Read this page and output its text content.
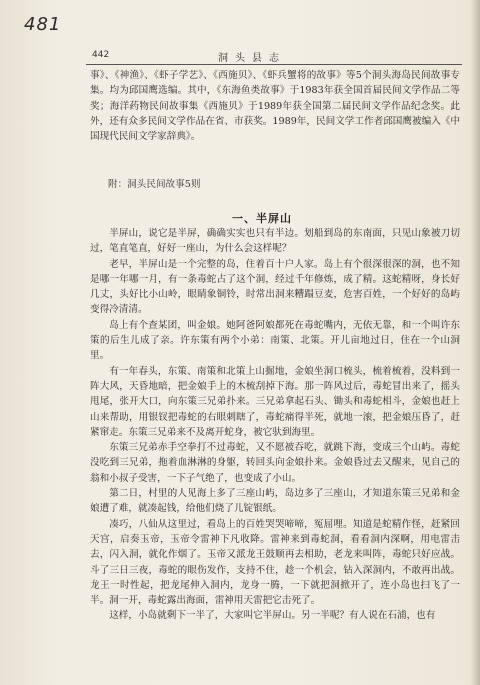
481
442	洞头县志

事》、《神渔》、《虾子学艺》、《西施贝》、《虾兵蟹将的故事》等5个洞头海岛民间故事专集。均为邱国鹰选编。其中，《东海鱼类故事》于1983年获全国首届民间文学作品二等奖；海洋药物民间故事集《西施贝》于1989年获全国第二届民间文学作品纪念奖。此外，还有众多民间文学作品在省、市获奖。1989年，民间文学工作者邱国鹰被编入《中国现代民间文学家辞典》。

附：洞头民间故事5则
一、半屏山

半屏山，说它是半屏，确确实实也只有半边。划船到岛的东南面，只见山象被刀切过，笔直笔直，好好一座山，为什么会这样呢？

老早，半屏山是一个完整的岛，住着百十户人家。岛上有个很深很深的洞，也不知是哪一年哪一月，有一条毒蛇占了这个洞，经过千年修炼，成了精。这蛇精呀，身长好几丈，头好比小山岭，眼睛象铜铃，时常出洞来糟蹋豆麦，危害百姓，一个好好的岛屿变得冷清清。

岛上有个查某团，叫金娘。她阿爸阿娘都死在毒蛇嘴内，无依无靠，和一个叫许东策的后生儿成了亲。许东策有两个小弟：南策、北策。开儿亩地过日，住在一个山洞里。

有一年春头，东策、南策和北策上山掘地，金娘坐洞口梳头，梳着梳着，没料到一阵大风，天昏地暗，把金娘手上的木梳刮掉下海。那一阵风过后，毒蛇冒出来了，摇头甩尾，张开大口，向东策三兄弟扑来。三兄弟拿起石头、锄头和毒蛇相斗，金娘也赶上山来帮助，用银钗把毒蛇的右眼刺瞎了，毒蛇痛得半死，就地一滚，把金娘压昏了，赶紧窜走。东策三兄弟来不及离开蛇身，被它驮到海里。

东策三兄弟赤手空拳打不过毒蛇，又不愿被吞吃，就跳下海，变成三个山屿。毒蛇没吃到三兄弟，拖着血淋淋的身躯，转回头向金娘扑来。金娘昏过去又醒来，见自己的翁和小叔子受害，一下子气绝了，也变成了小山。

第二日，村里的人见海上多了三座山屿，岛边多了三座山，才知道东策三兄弟和金娘遭了难，就凑起钱，给他们烧了儿锭银纸。

凑巧，八仙从这里过，看岛上的百姓哭哭啼啼，冤屈哩。知道是蛇精作怪，赶紧回天宫，启奏玉帝，玉帝令雷神下凡收降。雷神来到毒蛇洞，看看洞内深啊，用电雷击去，闪入洞，就化作烟了。玉帝又派龙王鼓顺再去相助，老龙来叫阵，毒蛇只好应战。斗了三日三夜，毒蛇的眼伤发作，支持不住，趁一个机会，钻入深洞内，不敢再出战。龙王一时性起，把龙尾伸入洞内，龙身一腾，一下就把洞掀开了，连小岛也扫飞了一半。洞一开，毒蛇露出海面，雷神用天雷把它击死了。

这样，小岛就剩下一半了，大家叫它半屏山。另一半呢？有人说在石浦，也有
